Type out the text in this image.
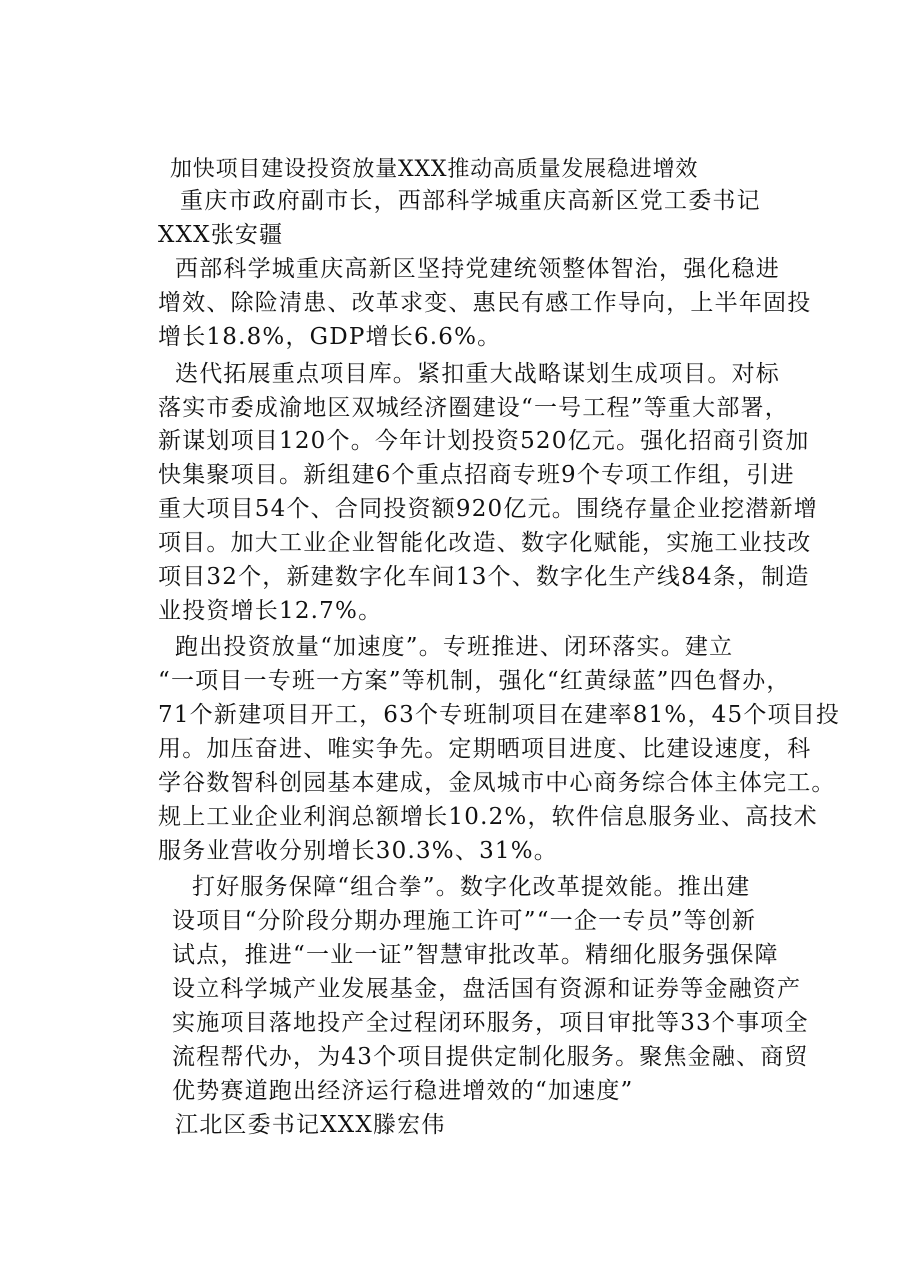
加快项目建设投资放量XXX推动高质量发展稳进增效
重庆市政府副市长，西部科学城重庆高新区党工委书记
XXX张安疆
西部科学城重庆高新区坚持党建统领整体智治，强化稳进
增效、除险清患、改革求变、惠民有感工作导向，上半年固投
增长18.8%，GDP增长6.6%。
迭代拓展重点项目库。紧扣重大战略谋划生成项目。对标
落实市委成渝地区双城经济圈建设“一号工程”等重大部署，
新谋划项目120个。今年计划投资520亿元。强化招商引资加
快集聚项目。新组建6个重点招商专班9个专项工作组，引进
重大项目54个、合同投资额920亿元。围绕存量企业挖潜新增
项目。加大工业企业智能化改造、数字化赋能，实施工业技改
项目32个，新建数字化车间13个、数字化生产线84条，制造
业投资增长12.7%。
跑出投资放量“加速度”。专班推进、闭环落实。建立
“一项目一专班一方案”等机制，强化“红黄绿蓝”四色督办，
71个新建项目开工，63个专班制项目在建率81%，45个项目投
用。加压奋进、唯实争先。定期晒项目进度、比建设速度，科
学谷数智科创园基本建成，金凤城市中心商务综合体主体完工。
规上工业企业利润总额增长10.2%，软件信息服务业、高技术
服务业营收分别增长30.3%、31%。
打好服务保障“组合拳”。数字化改革提效能。推出建
设项目“分阶段分期办理施工许可”“一企一专员”等创新
试点，推进“一业一证”智慧审批改革。精细化服务强保障
设立科学城产业发展基金，盘活国有资源和证券等金融资产
实施项目落地投产全过程闭环服务，项目审批等33个事项全
流程帮代办，为43个项目提供定制化服务。聚焦金融、商贸
优势赛道跑出经济运行稳进增效的“加速度”
江北区委书记XXX滕宏伟
